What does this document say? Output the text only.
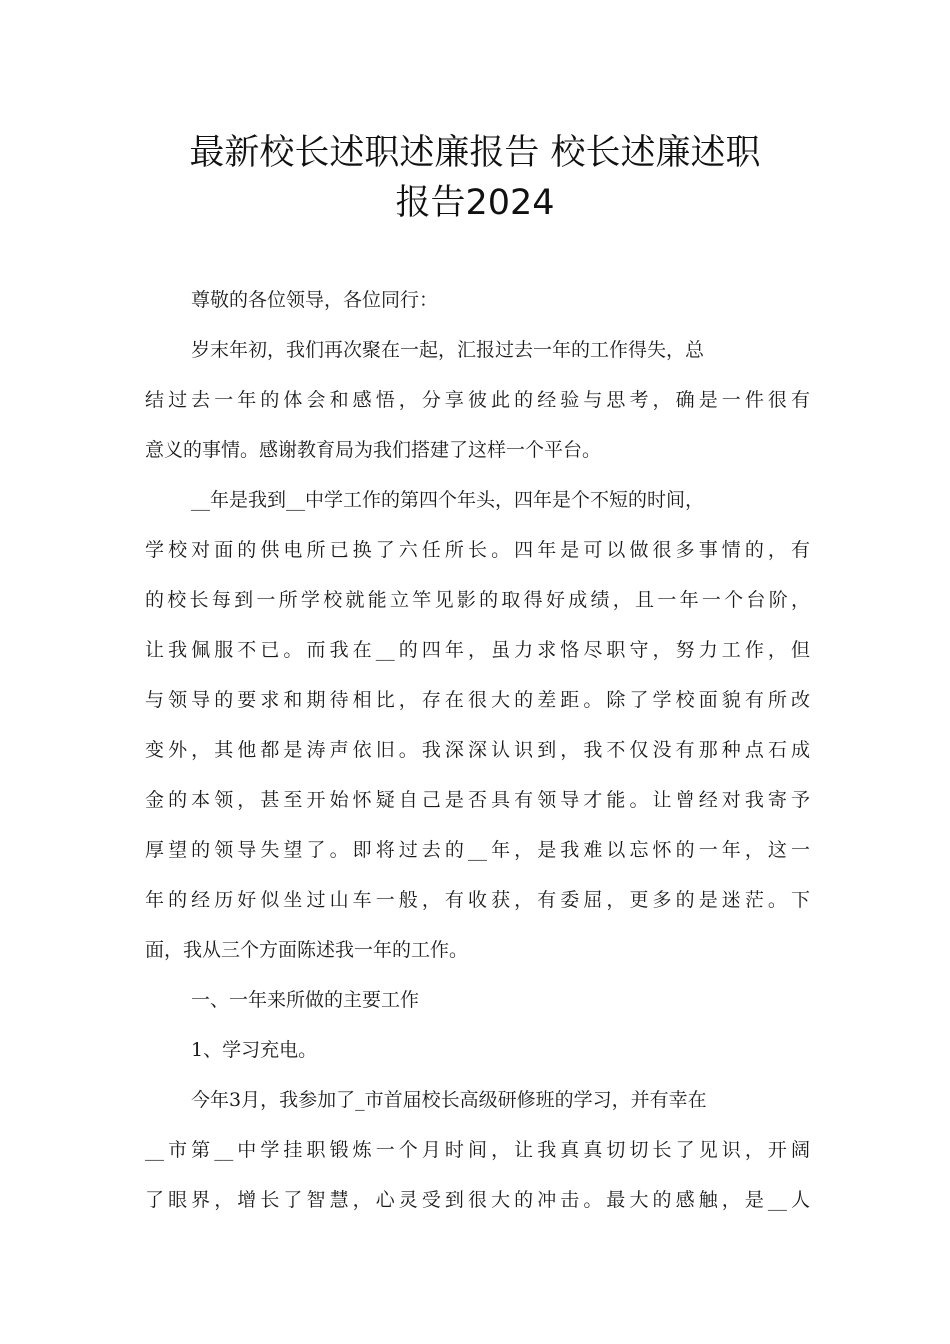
最新校长述职述廉报告 校长述廉述职
报告2024
尊敬的各位领导，各位同行：
岁末年初，我们再次聚在一起，汇报过去一年的工作得失，总
结过去一年的体会和感悟，分享彼此的经验与思考，确是一件很有
意义的事情。感谢教育局为我们搭建了这样一个平台。
__年是我到__中学工作的第四个年头，四年是个不短的时间，
学校对面的供电所已换了六任所长。四年是可以做很多事情的，有
的校长每到一所学校就能立竿见影的取得好成绩，且一年一个台阶，
让我佩服不已。而我在__的四年，虽力求恪尽职守，努力工作，但
与领导的要求和期待相比，存在很大的差距。除了学校面貌有所改
变外，其他都是涛声依旧。我深深认识到，我不仅没有那种点石成
金的本领，甚至开始怀疑自己是否具有领导才能。让曾经对我寄予
厚望的领导失望了。即将过去的__年，是我难以忘怀的一年，这一
年的经历好似坐过山车一般，有收获，有委屈，更多的是迷茫。下
面，我从三个方面陈述我一年的工作。
一、一年来所做的主要工作
1、学习充电。
今年3月，我参加了_市首届校长高级研修班的学习，并有幸在
__市第__中学挂职锻炼一个月时间，让我真真切切长了见识，开阔
了眼界，增长了智慧，心灵受到很大的冲击。最大的感触，是__人
